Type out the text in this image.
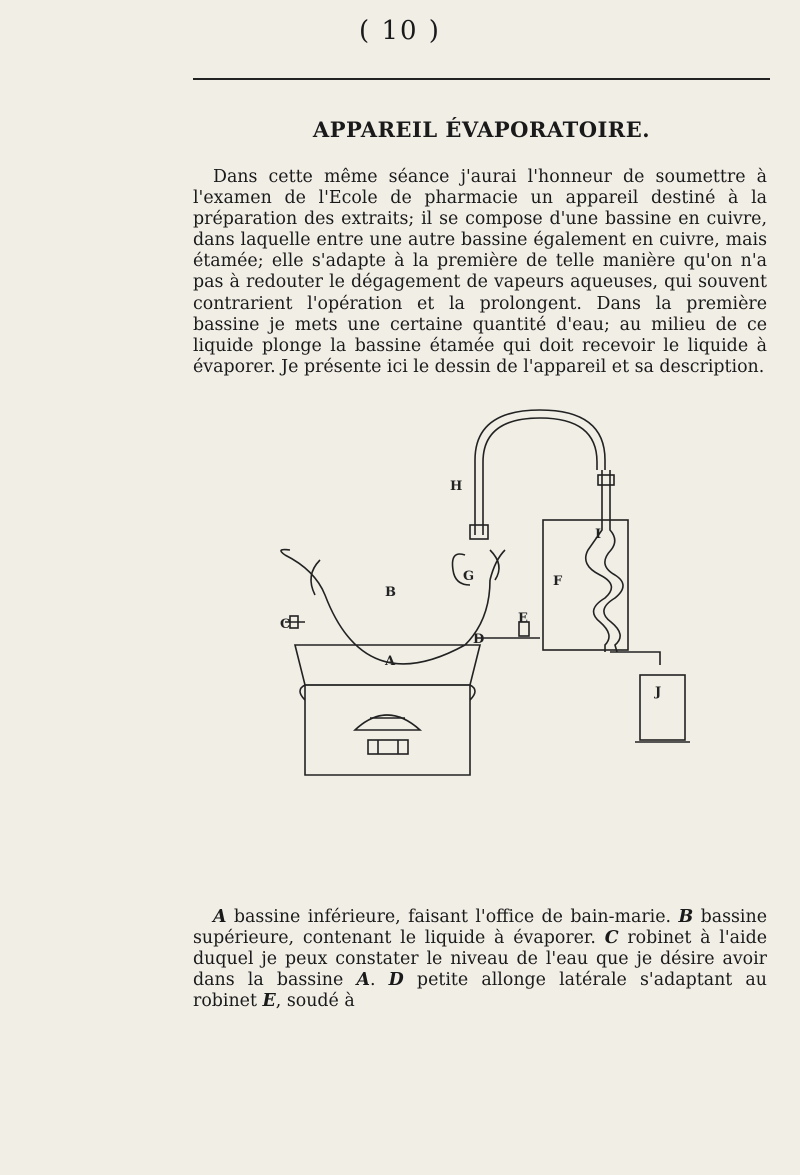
( 10 )
APPAREIL ÉVAPORATOIRE.

Dans cette même séance j'aurai l'honneur de soumettre à l'examen de l'Ecole de pharmacie un appareil destiné à la préparation des extraits; il se compose d'une bassine en cuivre, dans laquelle entre une autre bassine également en cuivre, mais étamée; elle s'adapte à la première de telle manière qu'on n'a pas à redouter le dégagement de vapeurs aqueuses, qui souvent contrarient l'opération et la prolongent. Dans la première bassine je mets une certaine quantité d'eau; au milieu de ce liquide plonge la bassine étamée qui doit recevoir le liquide à évaporer. Je présente ici le dessin de l'appareil et sa description.

A
B
C
D
E
F
G
H
I
J

A bassine inférieure, faisant l'office de bain-marie. B bassine supérieure, contenant le liquide à évaporer. C robinet à l'aide duquel je peux constater le niveau de l'eau que je désire avoir dans la bassine A. D petite allonge latérale s'adaptant au robinet E, soudé à
